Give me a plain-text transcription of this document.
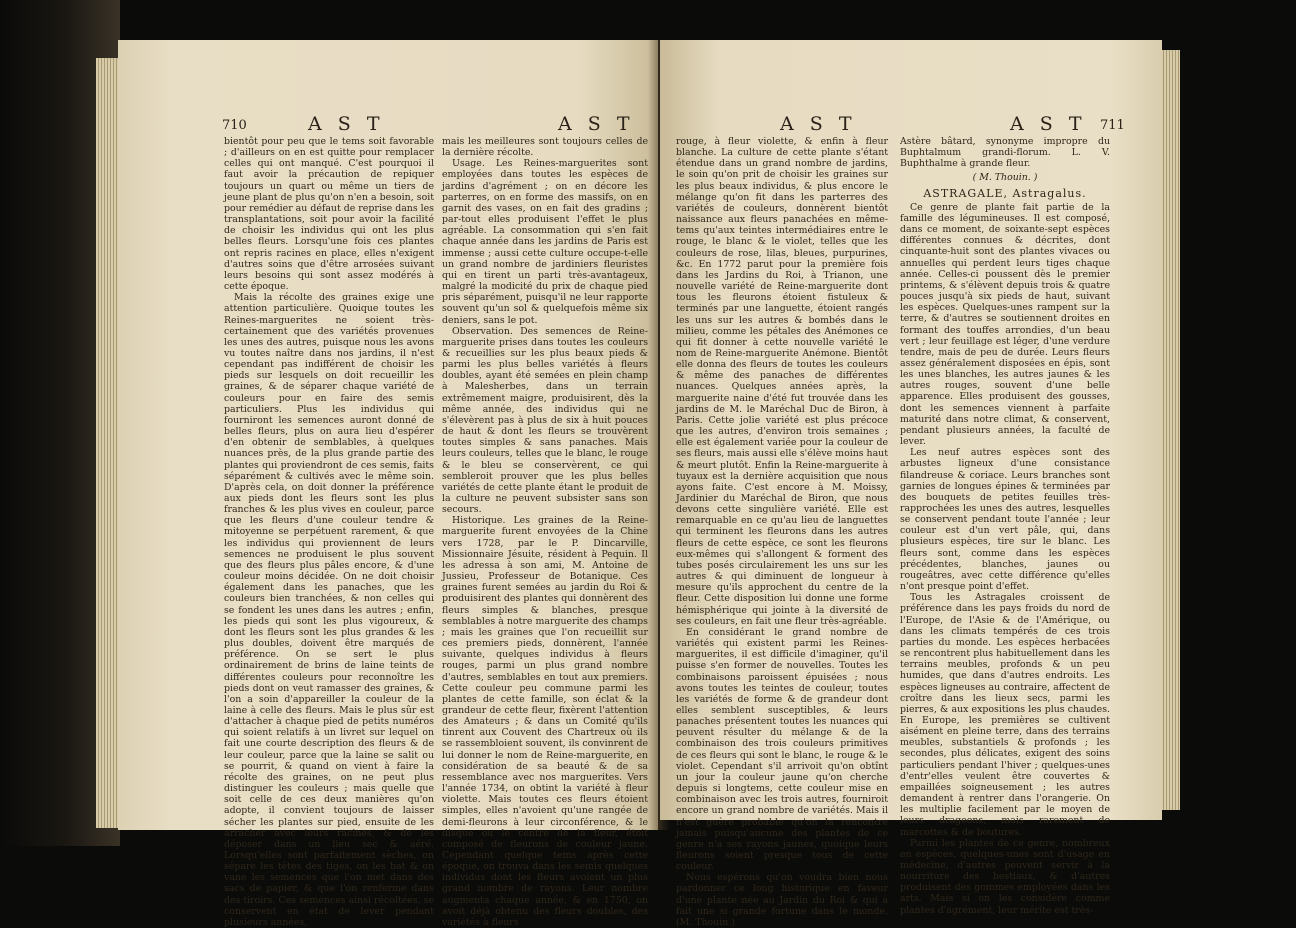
710	A S T	A S T

bientôt pour peu que le tems soit favorable ; d'ailleurs on en est quitte pour remplacer celles qui ont manqué. C'est pourquoi il faut avoir la précaution de repiquer toujours un quart ou même un tiers de jeune plant de plus qu'on n'en a besoin, soit pour remédier au défaut de reprise dans les transplantations, soit pour avoir la facilité de choisir les individus qui ont les plus belles fleurs. Lorsqu'une fois ces plantes ont repris racines en place, elles n'exigent d'autres soins que d'être arrosées suivant leurs besoins qui sont assez modérés à cette époque.

Mais la récolte des graines exige une attention particulière. Quoique toutes les Reines-marguerites ne soient très-certainement que des variétés provenues les unes des autres, puisque nous les avons vu toutes naître dans nos jardins, il n'est cependant pas indifférent de choisir les pieds sur lesquels on doit recueillir les graines, & de séparer chaque variété de couleurs pour en faire des semis particuliers. Plus les individus qui fourniront les semences auront donné de belles fleurs, plus on aura lieu d'espérer d'en obtenir de semblables, à quelques nuances près, de la plus grande partie des plantes qui proviendront de ces semis, faits séparément & cultivés avec le même soin. D'après cela, on doit donner la préférence aux pieds dont les fleurs sont les plus franches & les plus vives en couleur, parce que les fleurs d'une couleur tendre & mitoyenne se perpétuent rarement, & que les individus qui proviennent de leurs semences ne produisent le plus souvent que des fleurs plus pâles encore, & d'une couleur moins décidée. On ne doit choisir également dans les panaches, que les couleurs bien tranchées, & non celles qui se fondent les unes dans les autres ; enfin, les pieds qui sont les plus vigoureux, & dont les fleurs sont les plus grandes & les plus doubles, doivent être marqués de préférence. On se sert le plus ordinairement de brins de laine teints de différentes couleurs pour reconnoître les pieds dont on veut ramasser des graines, & l'on a soin d'appareiller la couleur de la laine à celle des fleurs. Mais le plus sûr est d'attacher à chaque pied de petits numéros qui soient relatifs à un livret sur lequel on fait une courte description des fleurs & de leur couleur, parce que la laine se salit ou se pourrit, & quand on vient à faire la récolte des graines, on ne peut plus distinguer les couleurs ; mais quelle que soit celle de ces deux manières qu'on adopte, il convient toujours de laisser sécher les plantes sur pied, ensuite de les arracher avec leurs racines, & de les déposer dans un lieu sec & aéré. Lorsqu'elles sont parfaitement sèches, on sépare les têtes des tiges, on les bat & on vane les semences que l'on met dans des sacs de papier, & que l'on renferme dans des tiroirs. Ces semences ainsi récoltées, se conservent en état de lever pendant plusieurs années,

mais les meilleures sont toujours celles de la dernière récolte.

Usage. Les Reines-marguerites sont employées dans toutes les espèces de jardins d'agrément ; on en décore les parterres, on en forme des massifs, on en garnit des vases, on en fait des gradins ; par-tout elles produisent l'effet le plus agréable. La consommation qui s'en fait chaque année dans les jardins de Paris est immense ; aussi cette culture occupe-t-elle un grand nombre de jardiniers fleuristes qui en tirent un parti très-avantageux, malgré la modicité du prix de chaque pied pris séparément, puisqu'il ne leur rapporte souvent qu'un sol & quelquefois même six deniers, sans le pot.

Observation. Des semences de Reine-marguerite prises dans toutes les couleurs & recueillies sur les plus beaux pieds & parmi les plus belles variétés à fleurs doubles, ayant été semées en plein champ à Malesherbes, dans un terrain extrêmement maigre, produisirent, dès la même année, des individus qui ne s'élevèrent pas à plus de six à huit pouces de haut & dont les fleurs se trouvèrent toutes simples & sans panaches. Mais leurs couleurs, telles que le blanc, le rouge & le bleu se conservèrent, ce qui sembleroit prouver que les plus belles variétés de cette plante étant le produit de la culture ne peuvent subsister sans son secours.

Historique. Les graines de la Reine-marguerite furent envoyées de la Chine vers 1728, par le P. Dincarville, Missionnaire Jésuite, résident à Pequin. Il les adressa à son ami, M. Antoine de Jussieu, Professeur de Botanique. Ces graines furent semées au jardin du Roi & produisirent des plantes qui donnèrent des fleurs simples & blanches, presque semblables à notre marguerite des champs ; mais les graines que l'on recueillit sur ces premiers pieds, donnèrent, l'année suivante, quelques individus à fleurs rouges, parmi un plus grand nombre d'autres, semblables en tout aux premiers. Cette couleur peu commune parmi les plantes de cette famille, son éclat & la grandeur de cette fleur, fixèrent l'attention des Amateurs ; & dans un Comité qu'ils tinrent aux Couvent des Chartreux où ils se rassembloient souvent, ils convinrent de lui donner le nom de Reine-marguerite, en considération de sa beauté & de sa ressemblance avec nos marguerites. Vers l'année 1734, on obtint la variété à fleur violette. Mais toutes ces fleurs étoient simples, elles n'avoient qu'une rangée de demi-fleurons à leur circonférence, & le disque ou le centre de la fleur, étoit composé de fleurons de couleur jaune. Cependant quelque tems après cette époque, on trouva dans les semis quelques individus dont les fleurs avoient un plus grand nombre de rayons. Leur nombre augmenta chaque année, & en 1750, on avoit déjà obtenu des fleurs doubles, des variétés à fleurs

A S T	A S T 711

rouge, à fleur violette, & enfin à fleur blanche. La culture de cette plante s'étant étendue dans un grand nombre de jardins, le soin qu'on prit de choisir les graines sur les plus beaux individus, & plus encore le mélange qu'on fit dans les parterres des variétés de couleurs, donnèrent bientôt naissance aux fleurs panachées en même-tems qu'aux teintes intermédiaires entre le rouge, le blanc & le violet, telles que les couleurs de rose, lilas, bleues, purpurines, &c. En 1772 parut pour la première fois dans les Jardins du Roi, à Trianon, une nouvelle variété de Reine-marguerite dont tous les fleurons étoient fistuleux & terminés par une languette, étoient rangés les uns sur les autres & bombés dans le milieu, comme les pétales des Anémones ce qui fit donner à cette nouvelle variété le nom de Reine-marguerite Anémone. Bientôt elle donna des fleurs de toutes les couleurs & même des panaches de différentes nuances. Quelques années après, la marguerite naine d'été fut trouvée dans les jardins de M. le Maréchal Duc de Biron, à Paris. Cette jolie variété est plus précoce que les autres, d'environ trois semaines ; elle est également variée pour la couleur de ses fleurs, mais aussi elle s'élève moins haut & meurt plutôt. Enfin la Reine-marguerite à tuyaux est la dernière acquisition que nous ayons faite. C'est encore à M. Moissy, Jardinier du Maréchal de Biron, que nous devons cette singulière variété. Elle est remarquable en ce qu'au lieu de languettes qui terminent les fleurons dans les autres fleurs de cette espèce, ce sont les fleurons eux-mêmes qui s'allongent & forment des tubes posés circulairement les uns sur les autres & qui diminuent de longueur à mesure qu'ils approchent du centre de la fleur. Cette disposition lui donne une forme hémisphérique qui jointe à la diversité de ses couleurs, en fait une fleur très-agréable.

En considérant le grand nombre de variétés qui existent parmi les Reines-marguerites, il est difficile d'imaginer, qu'il puisse s'en former de nouvelles. Toutes les combinaisons paroissent épuisées ; nous avons toutes les teintes de couleur, toutes les variétés de forme & de grandeur dont elles semblent susceptibles, & leurs panaches présentent toutes les nuances qui peuvent résulter du mélange & de la combinaison des trois couleurs primitives de ces fleurs qui sont le blanc, le rouge & le violet. Cependant s'il arrivoit qu'on obtînt un jour la couleur jaune qu'on cherche depuis si longtems, cette couleur mise en combinaison avec les trois autres, fourniroit encore un grand nombre de variétés. Mais il n'est guère probable qu'on la rencontre jamais puisqu'aucune des plantes de ce genre n'a ses rayons jaunes, quoique leurs fleurons soient presque tous de cette couleur.

Nous espérons qu'on voudra bien nous pardonner ce long historique en faveur d'une plante née au Jardin du Roi & qui a fait une si grande fortune dans le monde. (M. Thouin.)

Astère bâtard, synonyme impropre du Buphtalmum grandi-florum. L. V. Buphthalme à grande fleur.

( M. Thouin. )
ASTRAGALE, Astragalus.

Ce genre de plante fait partie de la famille des légumineuses. Il est composé, dans ce moment, de soixante-sept espèces différentes connues & décrites, dont cinquante-huit sont des plantes vivaces ou annuelles qui perdent leurs tiges chaque année. Celles-ci poussent dès le premier printems, & s'élèvent depuis trois & quatre pouces jusqu'à six pieds de haut, suivant les espèces. Quelques-unes rampent sur la terre, & d'autres se soutiennent droites en formant des touffes arrondies, d'un beau vert ; leur feuillage est léger, d'une verdure tendre, mais de peu de durée. Leurs fleurs assez généralement disposées en épis, sont les unes blanches, les autres jaunes & les autres rouges, souvent d'une belle apparence. Elles produisent des gousses, dont les semences viennent à parfaite maturité dans notre climat, & conservent, pendant plusieurs années, la faculté de lever.

Les neuf autres espèces sont des arbustes ligneux d'une consistance filandreuse & coriace. Leurs branches sont garnies de longues épines & terminées par des bouquets de petites feuilles très-rapprochées les unes des autres, lesquelles se conservent pendant toute l'année ; leur couleur est d'un vert pâle, qui, dans plusieurs espèces, tire sur le blanc. Les fleurs sont, comme dans les espèces précédentes, blanches, jaunes ou rougeâtres, avec cette différence qu'elles n'ont presque point d'effet.

Tous les Astragales croissent de préférence dans les pays froids du nord de l'Europe, de l'Asie & de l'Amérique, ou dans les climats tempérés de ces trois parties du monde. Les espèces herbacées se rencontrent plus habituellement dans les terrains meubles, profonds & un peu humides, que dans d'autres endroits. Les espèces ligneuses au contraire, affectent de croître dans les lieux secs, parmi les pierres, & aux expositions les plus chaudes. En Europe, les premières se cultivent aisément en pleine terre, dans des terrains meubles, substantiels & profonds ; les secondes, plus délicates, exigent des soins particuliers pendant l'hiver ; quelques-unes d'entr'elles veulent être couvertes & empaillées soigneusement ; les autres demandent à rentrer dans l'orangerie. On les multiplie facilement par le moyen de leurs drageons, mais rarement de marcottes & de boutures.

Parmi les plantes de ce genre, nombreux en espèces, quelques-unes sont d'usage en médecine, d'autres peuvent servir à la nourriture des bestiaux, & d'autres produisent des gommes employées dans les arts. Mais si on les considère comme plantes d'agrément, leur mérite est très-
